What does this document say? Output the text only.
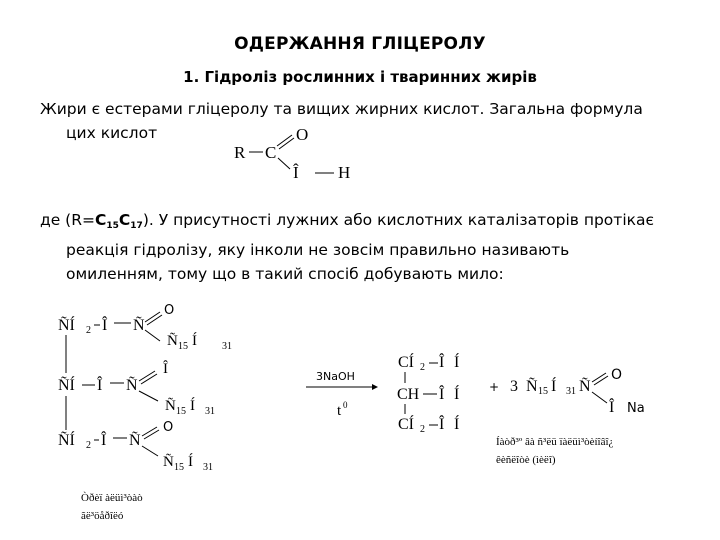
ОДЕРЖАННЯ ГЛІЦЕРОЛУ
1. Гідроліз рослинних і тваринних жирів
Жири є естерами гліцеролу та вищих жирних кислот. Загальна формула
цих кислот
R C
O
Î H
де $(R=C_{15}C_{17})$. У присутності лужних або кислотних каталізаторів протікає
реакція гідролізу, яку інколи не зовсім правильно називають
омиленням, тому що в такий спосіб добувають мило:
ÑÍ 2 Î Ñ
O
Ñ 15 Í	31
ÑÍ Î Ñ
Î
Ñ 15 Í 31
ÑÍ 2 Î Ñ
O
Ñ 15 Í 31
Òðèï àëüì³òàò
ãë³öåðîëó
3NaOH
t 0
CÍ 2 Î Í
CH Î Í
CÍ 2 Î Í
+ 3 Ñ 15 Í 31 Ñ
O
Î Na
Íàòð³º âà ñ³ëü ïàëüì³òèíîâî¿
êèñëîòè (ìèëî)
